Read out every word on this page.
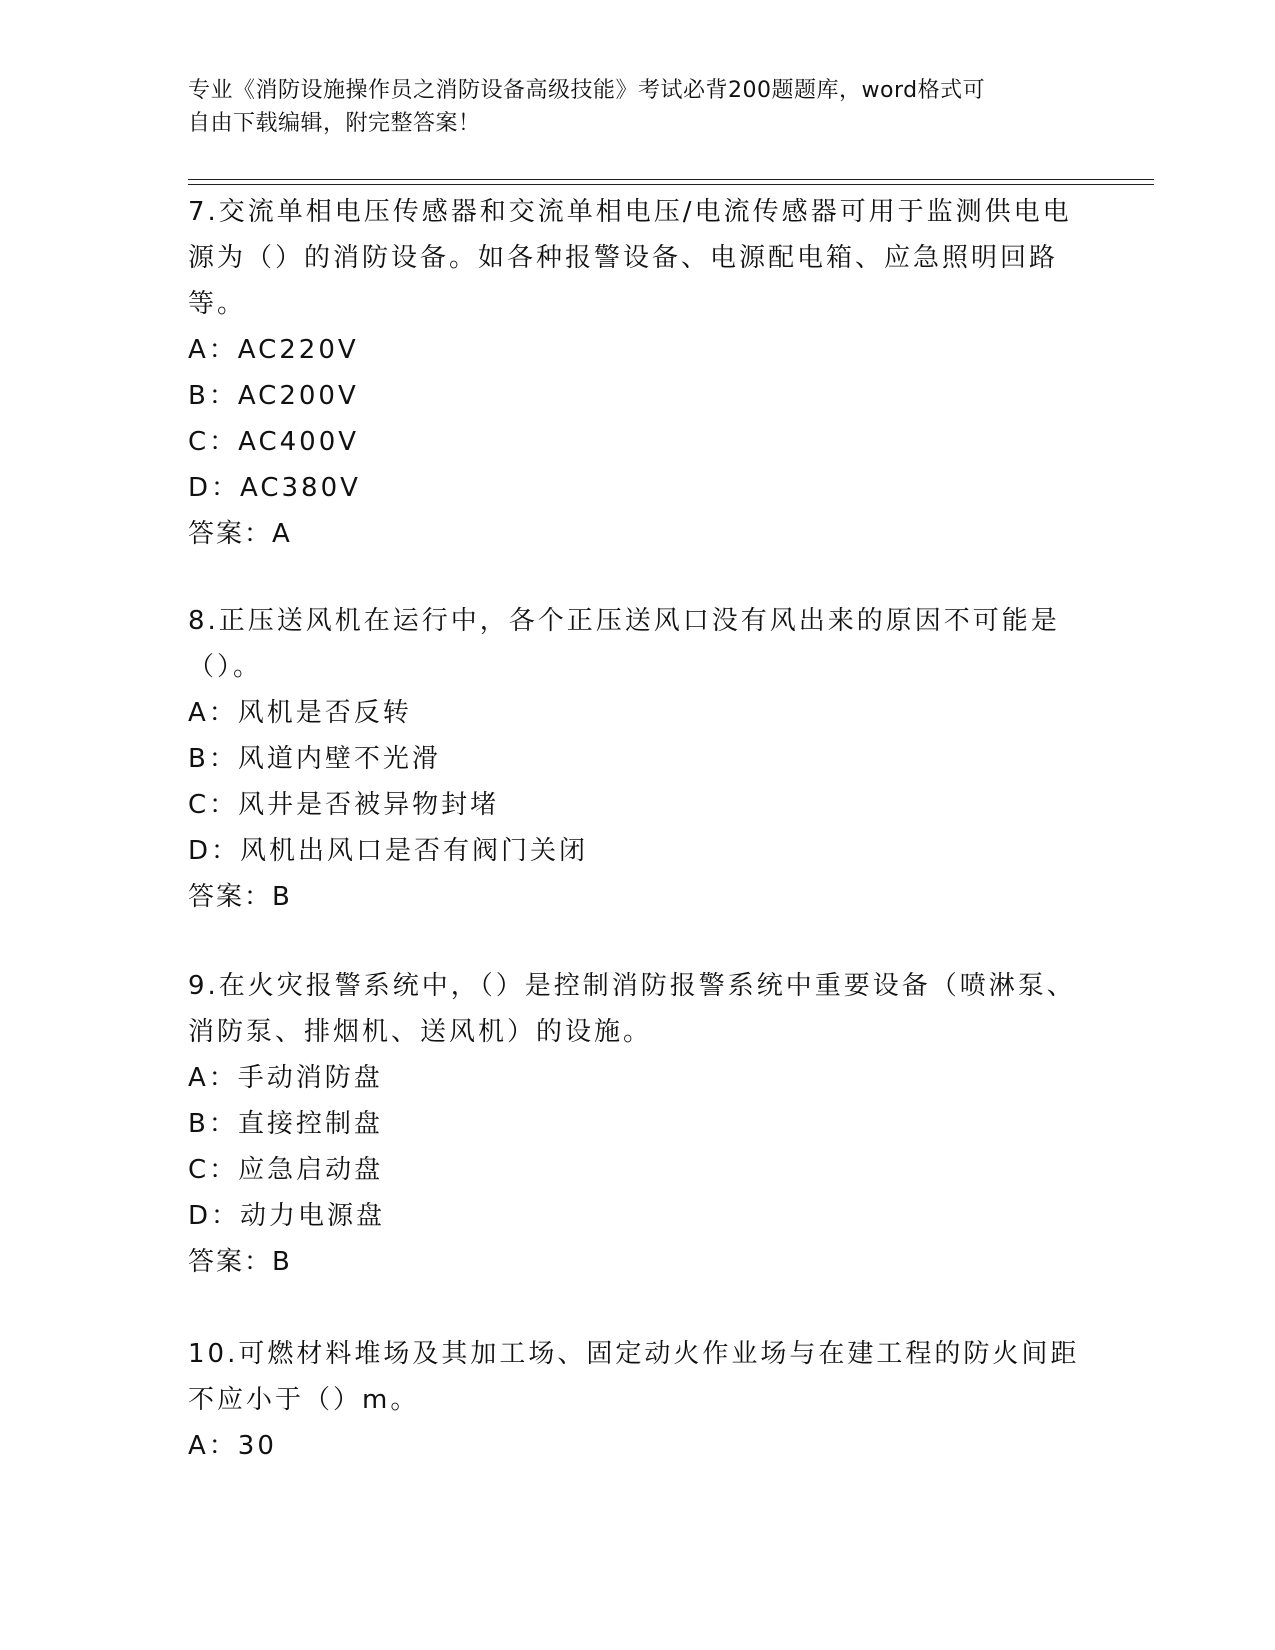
专业《消防设施操作员之消防设备高级技能》考试必背200题题库，word格式可
自由下载编辑，附完整答案！

7.交流单相电压传感器和交流单相电压/电流传感器可用于监测供电电源为（）的消防设备。如各种报警设备、电源配电箱、应急照明回路等。

A：AC220V

B：AC200V

C：AC400V

D：AC380V

答案：A

8.正压送风机在运行中，各个正压送风口没有风出来的原因不可能是（）。

A：风机是否反转

B：风道内壁不光滑

C：风井是否被异物封堵

D：风机出风口是否有阀门关闭

答案：B

9.在火灾报警系统中，（）是控制消防报警系统中重要设备（喷淋泵、消防泵、排烟机、送风机）的设施。

A：手动消防盘

B：直接控制盘

C：应急启动盘

D：动力电源盘

答案：B

10.可燃材料堆场及其加工场、固定动火作业场与在建工程的防火间距不应小于（）m。

A：30
